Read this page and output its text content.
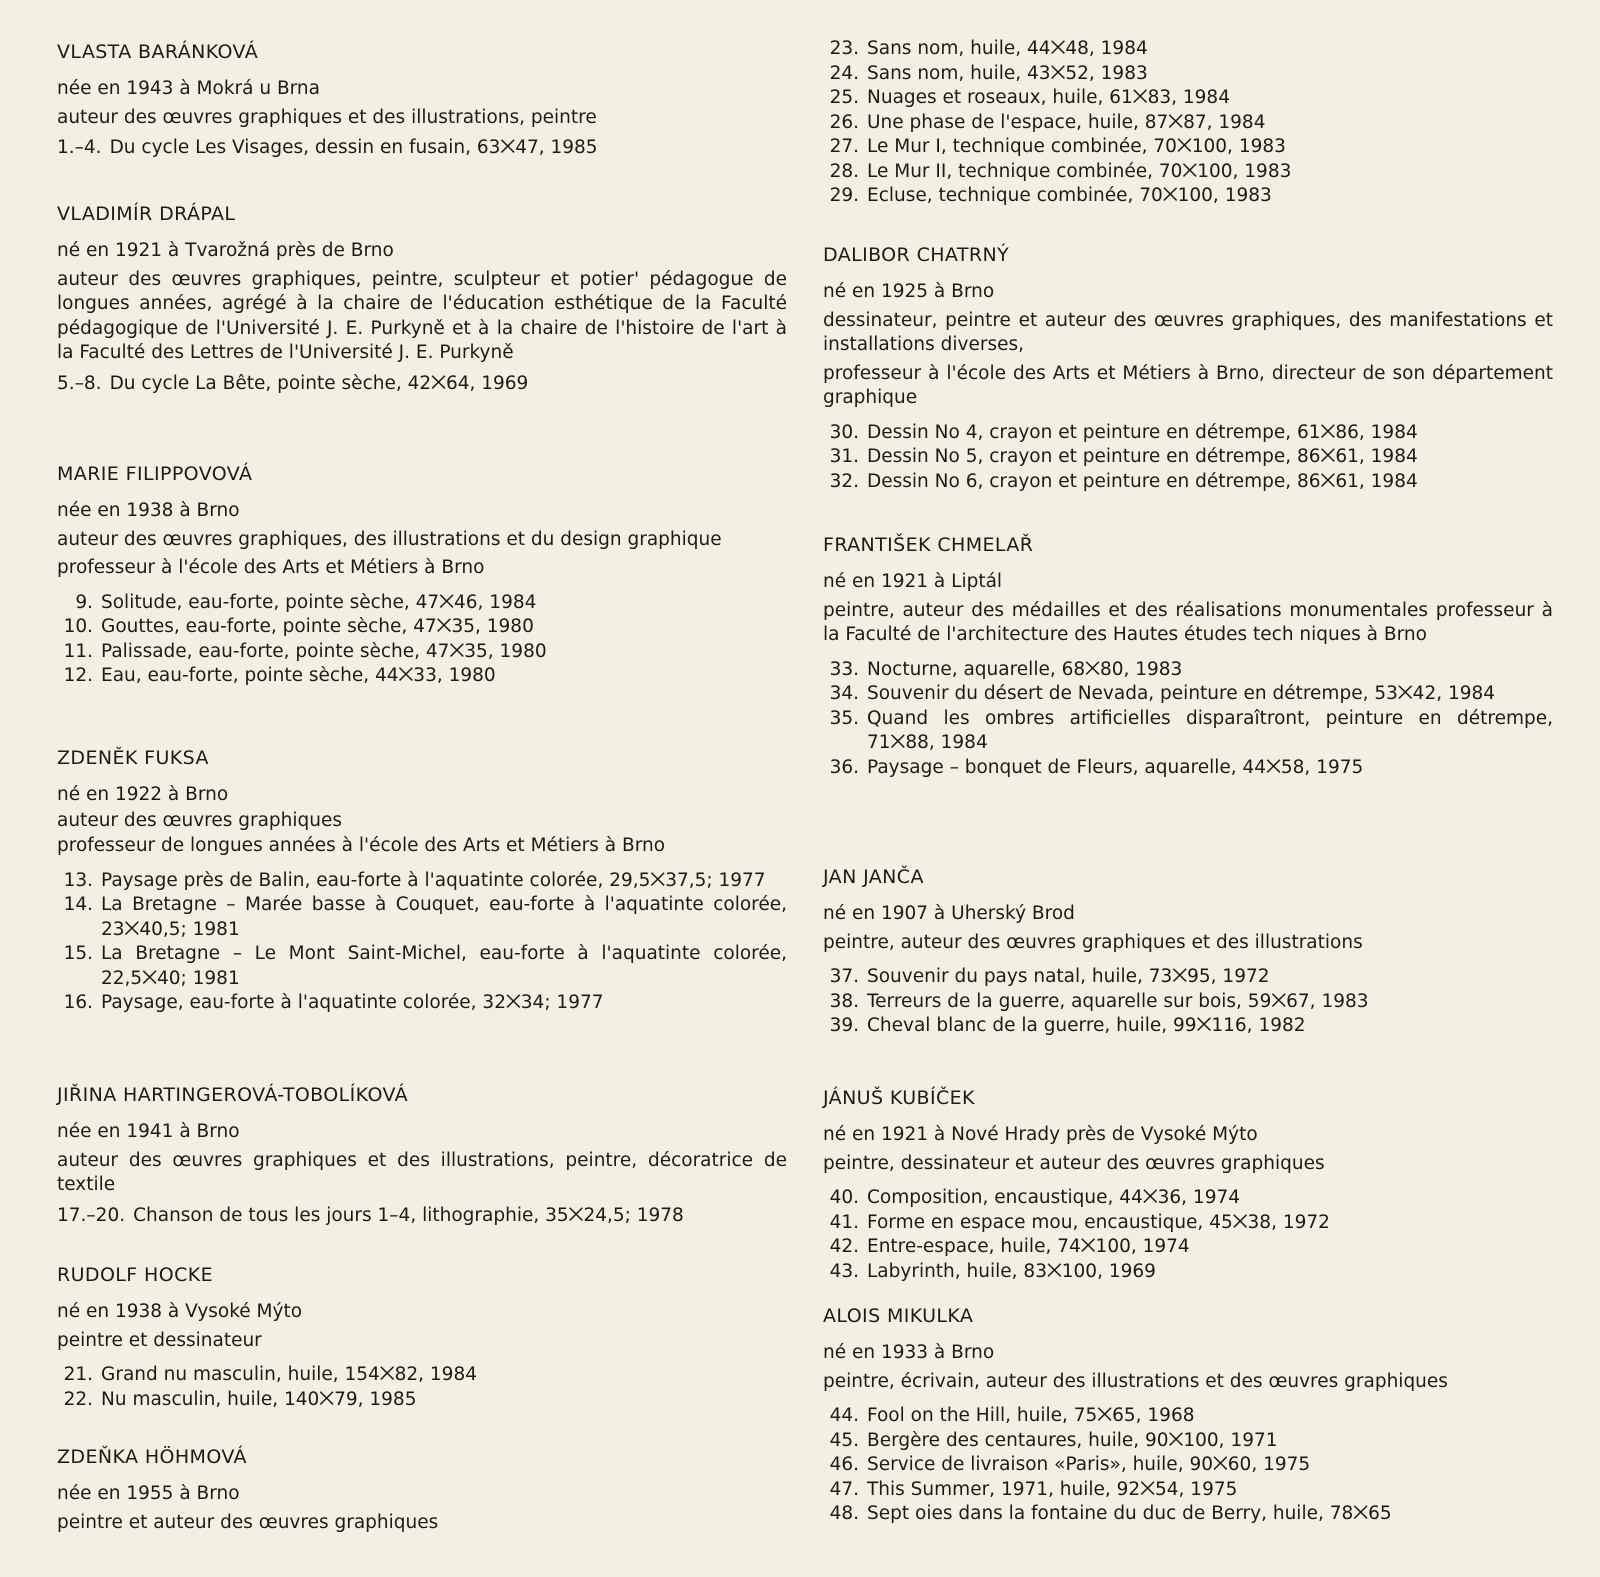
VLASTA BARÁNKOVÁ
née en 1943 à Mokrá u Brna
auteur des œuvres graphiques et des illustrations, peintre
1.–4. Du cycle Les Visages, dessin en fusain, 63⨉47, 1985
VLADIMÍR DRÁPAL
né en 1921 à Tvarožná près de Brno
auteur des œuvres graphiques, peintre, sculpteur et potier' pédagogue de longues années, agrégé à la chaire de l'éducation esthétique de la Faculté pédagogique de l'Université J. E. Purkyně et à la chaire de l'histoire de l'art à la Faculté des Lettres de l'Université J. E. Purkyně
5.–8. Du cycle La Bête, pointe sèche, 42⨉64, 1969
MARIE FILIPPOVOVÁ
née en 1938 à Brno
auteur des œuvres graphiques, des illustrations et du design graphique
professeur à l'école des Arts et Métiers à Brno
9. Solitude, eau-forte, pointe sèche, 47⨉46, 1984
10. Gouttes, eau-forte, pointe sèche, 47⨉35, 1980
11. Palissade, eau-forte, pointe sèche, 47⨉35, 1980
12. Eau, eau-forte, pointe sèche, 44⨉33, 1980
ZDENĚK FUKSA
né en 1922 à Brno
auteur des œuvres graphiques
professeur de longues années à l'école des Arts et Métiers à Brno
13. Paysage près de Balin, eau-forte à l'aquatinte colorée, 29,5⨉37,5; 1977
14. La Bretagne – Marée basse à Couquet, eau-forte à l'aquatinte colorée, 23⨉40,5; 1981
15. La Bretagne – Le Mont Saint-Michel, eau-forte à l'aquatinte colorée, 22,5⨉40; 1981
16. Paysage, eau-forte à l'aquatinte colorée, 32⨉34; 1977
JIŘINA HARTINGEROVÁ-TOBOLÍKOVÁ
née en 1941 à Brno
auteur des œuvres graphiques et des illustrations, peintre, décoratrice de textile
17.–20. Chanson de tous les jours 1–4, lithographie, 35⨉24,5; 1978
RUDOLF HOCKE
né en 1938 à Vysoké Mýto
peintre et dessinateur
21. Grand nu masculin, huile, 154⨉82, 1984
22. Nu masculin, huile, 140⨉79, 1985
ZDEŇKA HÖHMOVÁ
née en 1955 à Brno
peintre et auteur des œuvres graphiques
23. Sans nom, huile, 44⨉48, 1984
24. Sans nom, huile, 43⨉52, 1983
25. Nuages et roseaux, huile, 61⨉83, 1984
26. Une phase de l'espace, huile, 87⨉87, 1984
27. Le Mur I, technique combinée, 70⨉100, 1983
28. Le Mur II, technique combinée, 70⨉100, 1983
29. Ecluse, technique combinée, 70⨉100, 1983
DALIBOR CHATRNÝ
né en 1925 à Brno
dessinateur, peintre et auteur des œuvres graphiques, des manifestations et installations diverses,
professeur à l'école des Arts et Métiers à Brno, directeur de son département graphique
30. Dessin No 4, crayon et peinture en détrempe, 61⨉86, 1984
31. Dessin No 5, crayon et peinture en détrempe, 86⨉61, 1984
32. Dessin No 6, crayon et peinture en détrempe, 86⨉61, 1984
FRANTIŠEK CHMELAŘ
né en 1921 à Liptál
peintre, auteur des médailles et des réalisations monumentales professeur à la Faculté de l'architecture des Hautes études tech niques à Brno
33. Nocturne, aquarelle, 68⨉80, 1983
34. Souvenir du désert de Nevada, peinture en détrempe, 53⨉42, 1984
35. Quand les ombres artificielles disparaîtront, peinture en détrempe, 71⨉88, 1984
36. Paysage – bonquet de Fleurs, aquarelle, 44⨉58, 1975
JAN JANČA
né en 1907 à Uherský Brod
peintre, auteur des œuvres graphiques et des illustrations
37. Souvenir du pays natal, huile, 73⨉95, 1972
38. Terreurs de la guerre, aquarelle sur bois, 59⨉67, 1983
39. Cheval blanc de la guerre, huile, 99⨉116, 1982
JÁNUŠ KUBÍČEK
né en 1921 à Nové Hrady près de Vysoké Mýto
peintre, dessinateur et auteur des œuvres graphiques
40. Composition, encaustique, 44⨉36, 1974
41. Forme en espace mou, encaustique, 45⨉38, 1972
42. Entre-espace, huile, 74⨉100, 1974
43. Labyrinth, huile, 83⨉100, 1969
ALOIS MIKULKA
né en 1933 à Brno
peintre, écrivain, auteur des illustrations et des œuvres graphiques
44. Fool on the Hill, huile, 75⨉65, 1968
45. Bergère des centaures, huile, 90⨉100, 1971
46. Service de livraison «Paris», huile, 90⨉60, 1975
47. This Summer, 1971, huile, 92⨉54, 1975
48. Sept oies dans la fontaine du duc de Berry, huile, 78⨉65
